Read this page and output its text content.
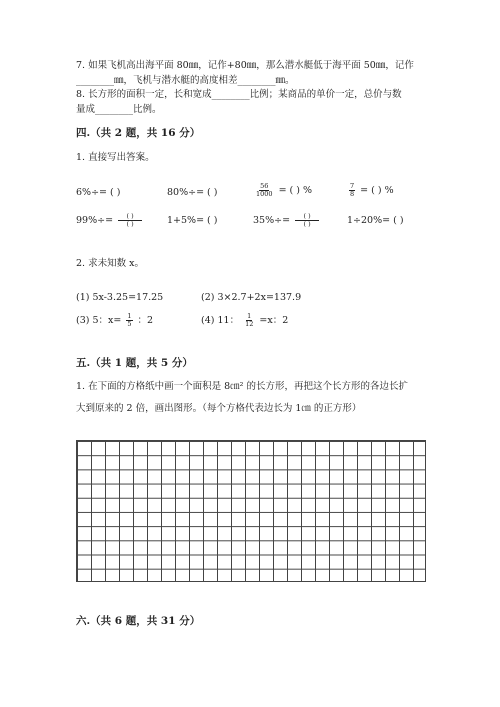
7. 如果飞机高出海平面 80㎜，记作+80㎜，那么潜水艇低于海平面 50㎜，记作
________㎜，飞机与潜水艇的高度相差________㎜。
8. 长方形的面积一定，长和宽成________比例；某商品的单价一定，总价与数
量成________比例。
四.（共 2 题，共 16 分）
1. 直接写出答案。
6%÷= ( )	80%÷= ( )	$\frac{56}{1000}$ = ( ) %	$\frac{7}{8}$ = ( ) %
$99\%\div= \frac{( )}{( )}$	1+5%= ( )	$35\%\div= \frac{( )}{( )}$	1÷20%= ( )
2. 求未知数 x。
(1) 5x-3.25=17.25	(2) 3×2.7+2x=137.9
(3) 5：$x= \frac{1}{5}$ ：2	(4) 11： $\frac{1}{12} =x$：2
五.（共 1 题，共 5 分）
1. 在下面的方格纸中画一个面积是 8㎝² 的长方形，再把这个长方形的各边长扩
大到原来的 2 倍，画出图形。（每个方格代表边长为 1㎝ 的正方形）
六.（共 6 题，共 31 分）
